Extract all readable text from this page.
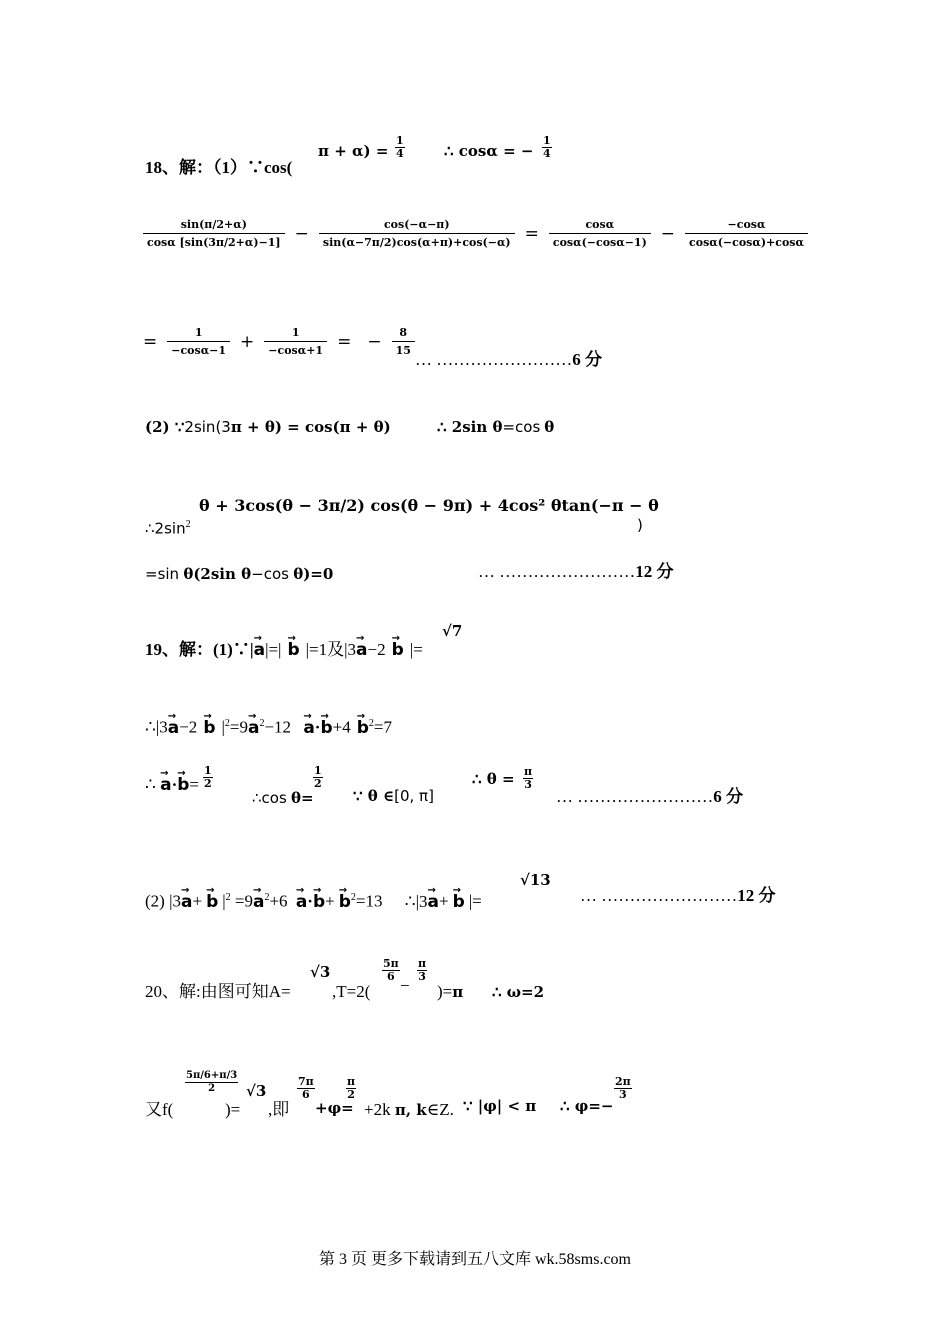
18、解：（1）∵cos(
π + α) =
1
4	∴ cosα = −
1
4
$\frac{\sin(\pi/2+\alpha)}{\cos\alpha [\sin(3\pi/2+\alpha)-1]} - \frac{\cos(-\alpha-\pi)}{\sin(\alpha-7\pi/2)\cos(\alpha+\pi)+\cos(-\alpha)} = \frac{\cos\alpha}{\cos\alpha(-\cos\alpha-1)} - \frac{-\cos\alpha}{\cos\alpha(-\cos\alpha)+\cos\alpha}$
= $\frac{1}{-\cos\alpha-1} + \frac{1}{-\cos\alpha+1}$ = − $\frac{8}{15}$
… ……………………6 分
(2) ∵2sin(3π + θ) = cos(π + θ)	∴ 2sin θ=cos θ
$\therefore 2\sin^2$
θ + 3cos(θ − 3π/2) cos(θ − 9π) + 4cos² θtan(−π − θ
)
=sin θ(2sin θ−cos θ)=0	… ……………………12 分
19、解：(1)∵|→ a|=| → b |=1及|3→ a−2 → b |=
√7
∴|3→ a−2 → b $|^2=9\to a^2-12 \to a\cdot\to b+4 \to b^2=7$
∴ → a·→ b=
1
2
∴cos θ=
1
2
∵ θ ∈[0, π]
∴ θ = π
3
… ……………………6 分
(2) |3→ a+ → b $|^2 =9\to a^2+6 \to a\cdot\to b+ \to b^2=13$ ∴|3→ a+ → b |=
√13
… ……………………12 分
20、解:由图可知A=
√3
,T=2(
5π
6 −
π
3
)=π ∴ ω=2
又f(
5π/6+π/3
2
)=
√3
,即
7π
6
+φ=
π
2
+2k π, k∈Z. ∵ |φ| < π ∴ φ=−
2π
3
第 3 页 更多下载请到五八文库 wk.58sms.com
